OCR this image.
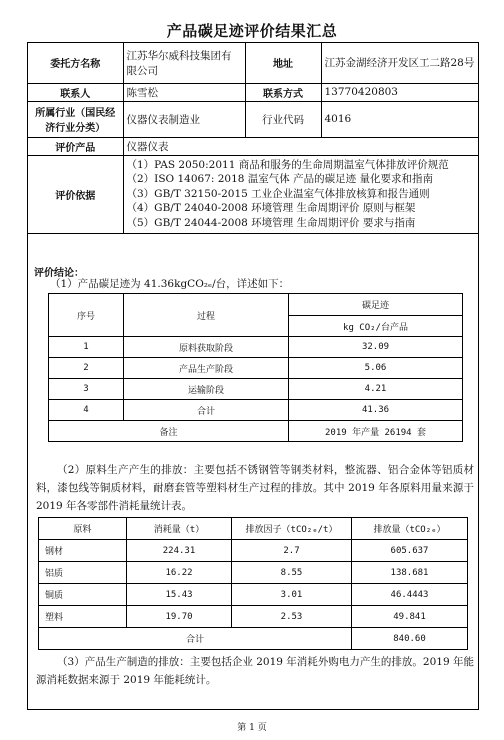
产品碳足迹评价结果汇总
委托方名称	江苏华尔威科技集团有限公司	地址	江苏金湖经济开发区工二路28号
联系人	陈雪松	联系方式	13770420803
所属行业（国民经济行业分类）	仪器仪表制造业	行业代码	4016
评价产品	仪器仪表		
评价依据	（1）PAS 2050:2011 商品和服务的生命周期温室气体排放评价规范
（2）ISO 14067: 2018 温室气体 产品的碳足迹 量化要求和指南
（3）GB/T 32150-2015 工业企业温室气体排放核算和报告通则
（4）GB/T 24040-2008 环境管理 生命周期评价 原则与框架
（5）GB/T 24044-2008 环境管理 生命周期评价 要求与指南		
评价结论：
（1）产品碳足迹为 41.36kgCO₂ₑ/台，详述如下：
序号	过程	碳足迹
		kg CO₂/台产品
1	原料获取阶段	32.09
2	产品生产阶段	5.06
3	运输阶段	4.21
4	合计	41.36
备注		2019 年产量 26194 套
（2）原料生产产生的排放：主要包括不锈钢管等钢类材料，整流器、铝合金体等铝质材料，漆包线等铜质材料，耐磨套管等塑料材生产过程的排放。其中 2019 年各原料用量来源于 2019 年各零部件消耗量统计表。
原料	消耗量（t）	排放因子（tCO₂ₑ/t）	排放量（tCO₂ₑ）
钢材	224.31	2.7	605.637
铝质	16.22	8.55	138.681
铜质	15.43	3.01	46.4443
塑料	19.70	2.53	49.841
合计			840.60
（3）产品生产制造的排放：主要包括企业 2019 年消耗外购电力产生的排放。2019 年能源消耗数据来源于 2019 年能耗统计。
第 1 页
